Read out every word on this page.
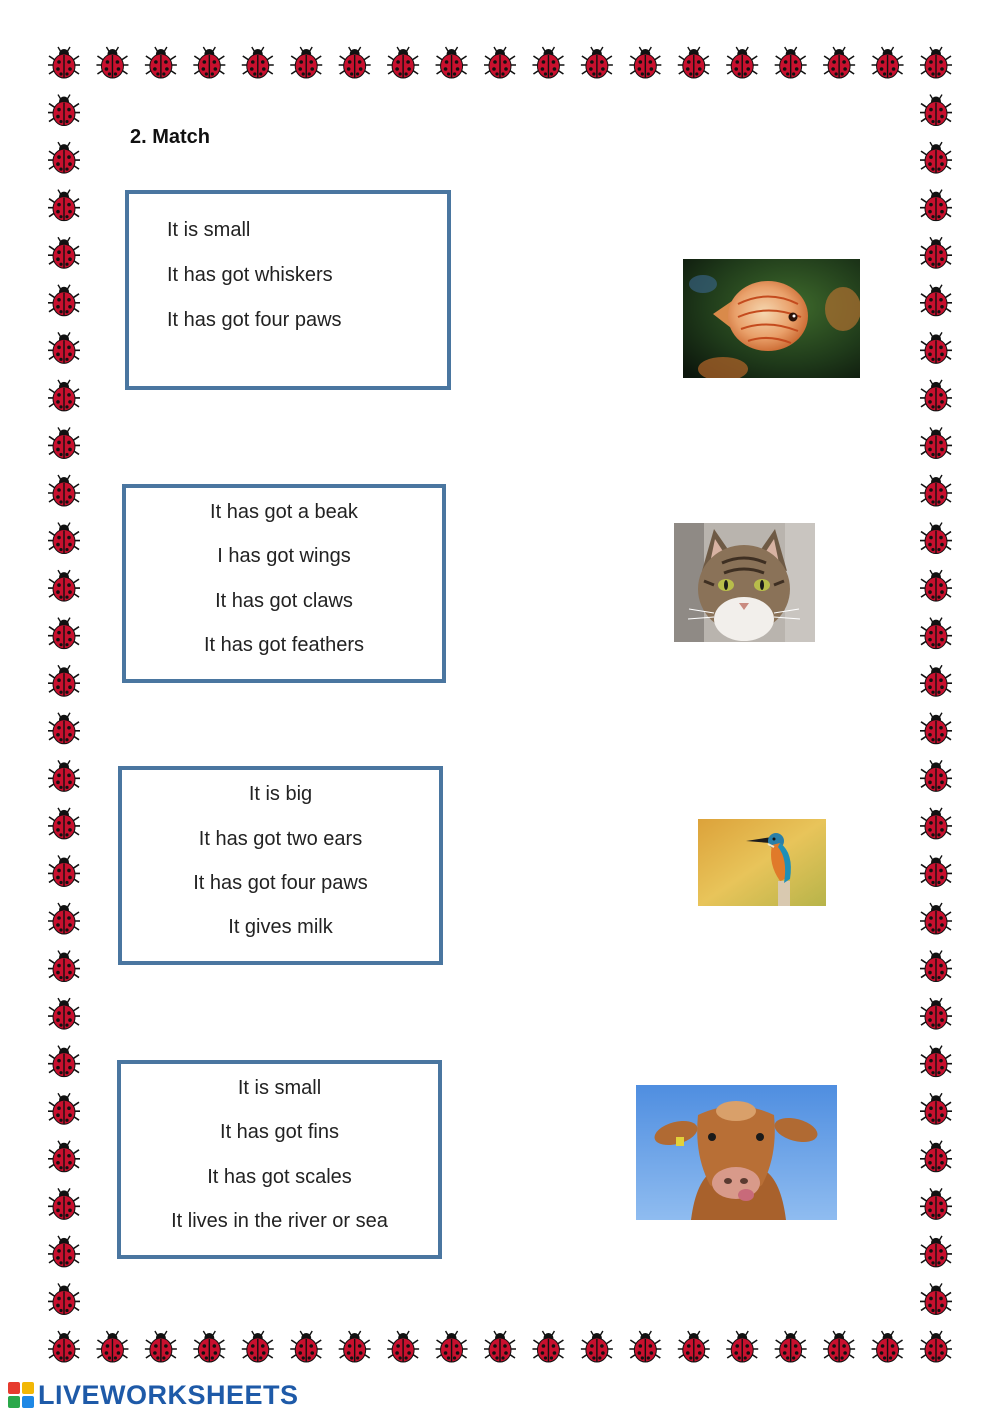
2. Match
It is small
It has got whiskers
It has got four paws
It has got a beak
I has got wings
It has got claws
It has got feathers
It is big
It has got two ears
It has got four paws
It gives milk
It is small
It has got fins
It has got scales
It lives in the river or sea
LIVEWORKSHEETS
